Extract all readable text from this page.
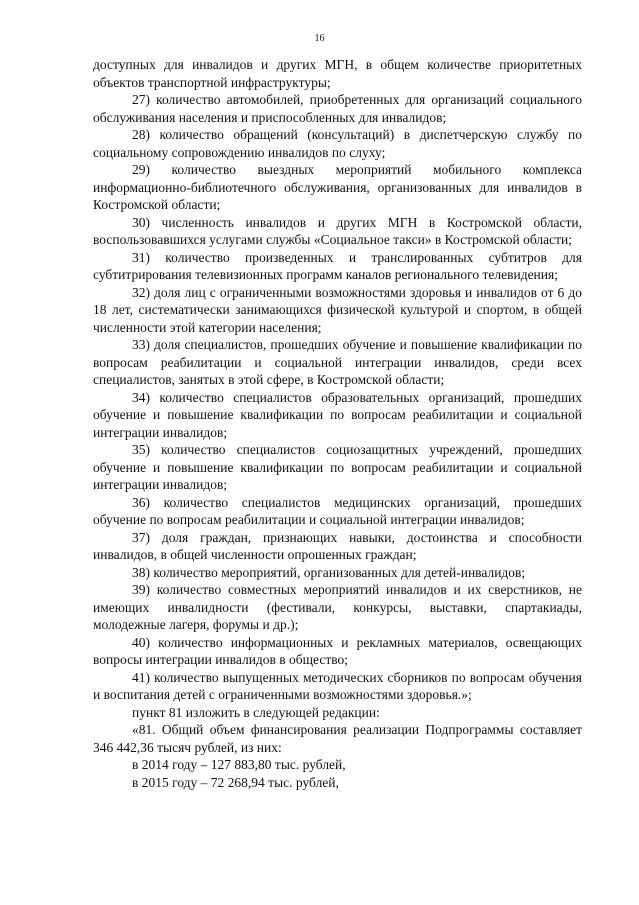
16

доступных для инвалидов и других МГН, в общем количестве приоритетных объектов транспортной инфраструктуры;

27) количество автомобилей, приобретенных для организаций социального обслуживания населения и приспособленных для инвалидов;

28) количество обращений (консультаций) в диспетчерскую службу по социальному сопровождению инвалидов по слуху;

29) количество выездных мероприятий мобильного комплекса информационно-библиотечного обслуживания, организованных для инвалидов в Костромской области;

30) численность инвалидов и других МГН в Костромской области, воспользовавшихся услугами службы «Социальное такси» в Костромской области;

31) количество произведенных и транслированных субтитров для субтитрирования телевизионных программ каналов регионального телевидения;

32) доля лиц с ограниченными возможностями здоровья и инвалидов от 6 до 18 лет, систематически занимающихся физической культурой и спортом, в общей численности этой категории населения;

33) доля специалистов, прошедших обучение и повышение квалификации по вопросам реабилитации и социальной интеграции инвалидов, среди всех специалистов, занятых в этой сфере, в Костромской области;

34) количество специалистов образовательных организаций, прошедших обучение и повышение квалификации по вопросам реабилитации и социальной интеграции инвалидов;

35) количество специалистов социозащитных учреждений, прошедших обучение и повышение квалификации по вопросам реабилитации и социальной интеграции инвалидов;

36) количество специалистов медицинских организаций, прошедших обучение по вопросам реабилитации и социальной интеграции инвалидов;

37) доля граждан, признающих навыки, достоинства и способности инвалидов, в общей численности опрошенных граждан;

38) количество мероприятий, организованных для детей-инвалидов;

39) количество совместных мероприятий инвалидов и их сверстников, не имеющих инвалидности (фестивали, конкурсы, выставки, спартакиады, молодежные лагеря, форумы и др.);

40) количество информационных и рекламных материалов, освещающих вопросы интеграции инвалидов в общество;

41) количество выпущенных методических сборников по вопросам обучения и воспитания детей с ограниченными возможностями здоровья.»;

пункт 81 изложить в следующей редакции:

«81. Общий объем финансирования реализации Подпрограммы составляет 346 442,36 тысяч рублей, из них:

в 2014 году – 127 883,80 тыс. рублей,

в 2015 году – 72 268,94 тыс. рублей,
